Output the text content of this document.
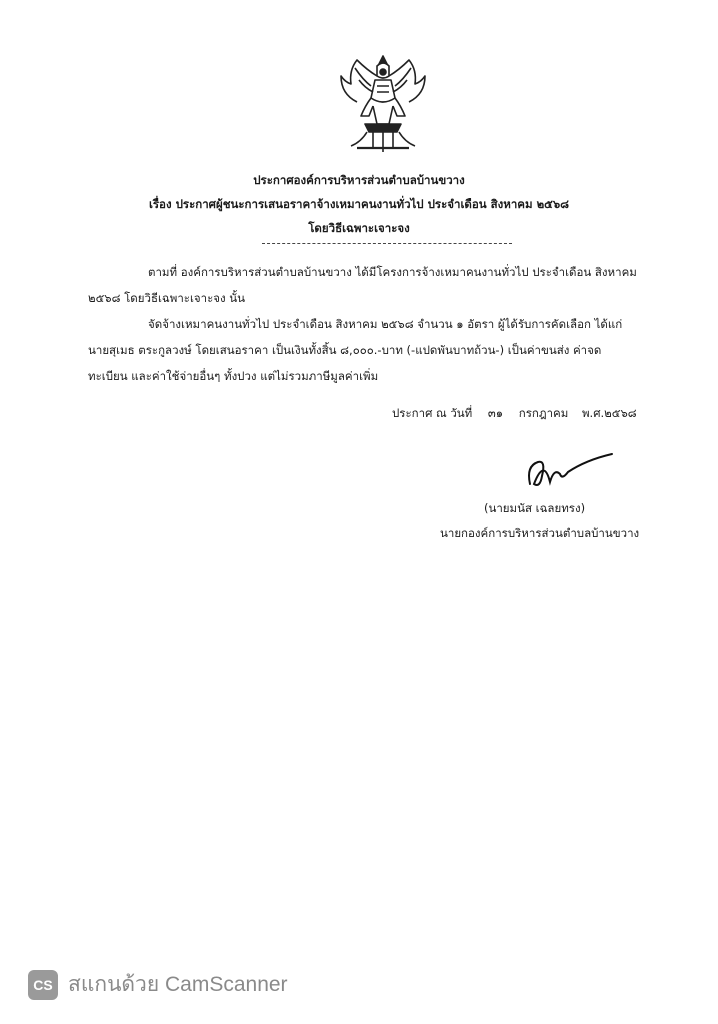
ประกาศองค์การบริหารส่วนตำบลบ้านขวาง
เรื่อง ประกาศผู้ชนะการเสนอราคาจ้างเหมาคนงานทั่วไป ประจำเดือน สิงหาคม ๒๕๖๘
โดยวิธีเฉพาะเจาะจง
ตามที่ องค์การบริหารส่วนตำบลบ้านขวาง ได้มีโครงการจ้างเหมาคนงานทั่วไป ประจำเดือน สิงหาคม
๒๕๖๘ โดยวิธีเฉพาะเจาะจง นั้น
จัดจ้างเหมาคนงานทั่วไป ประจำเดือน สิงหาคม ๒๕๖๘ จำนวน ๑ อัตรา ผู้ได้รับการคัดเลือก ได้แก่
นายสุเมธ ตระกูลวงษ์ โดยเสนอราคา เป็นเงินทั้งสิ้น ๘,๐๐๐.-บาท (-แปดพันบาทถ้วน-) เป็นค่าขนส่ง ค่าจด
ทะเบียน และค่าใช้จ่ายอื่นๆ ทั้งปวง แต่ไม่รวมภาษีมูลค่าเพิ่ม
ประกาศ ณ วันที่ ๓๑ กรกฎาคม พ.ศ.๒๕๖๘
(นายมนัส เฉลยทรง)
นายกองค์การบริหารส่วนตำบลบ้านขวาง
CS สแกนด้วย CamScanner
